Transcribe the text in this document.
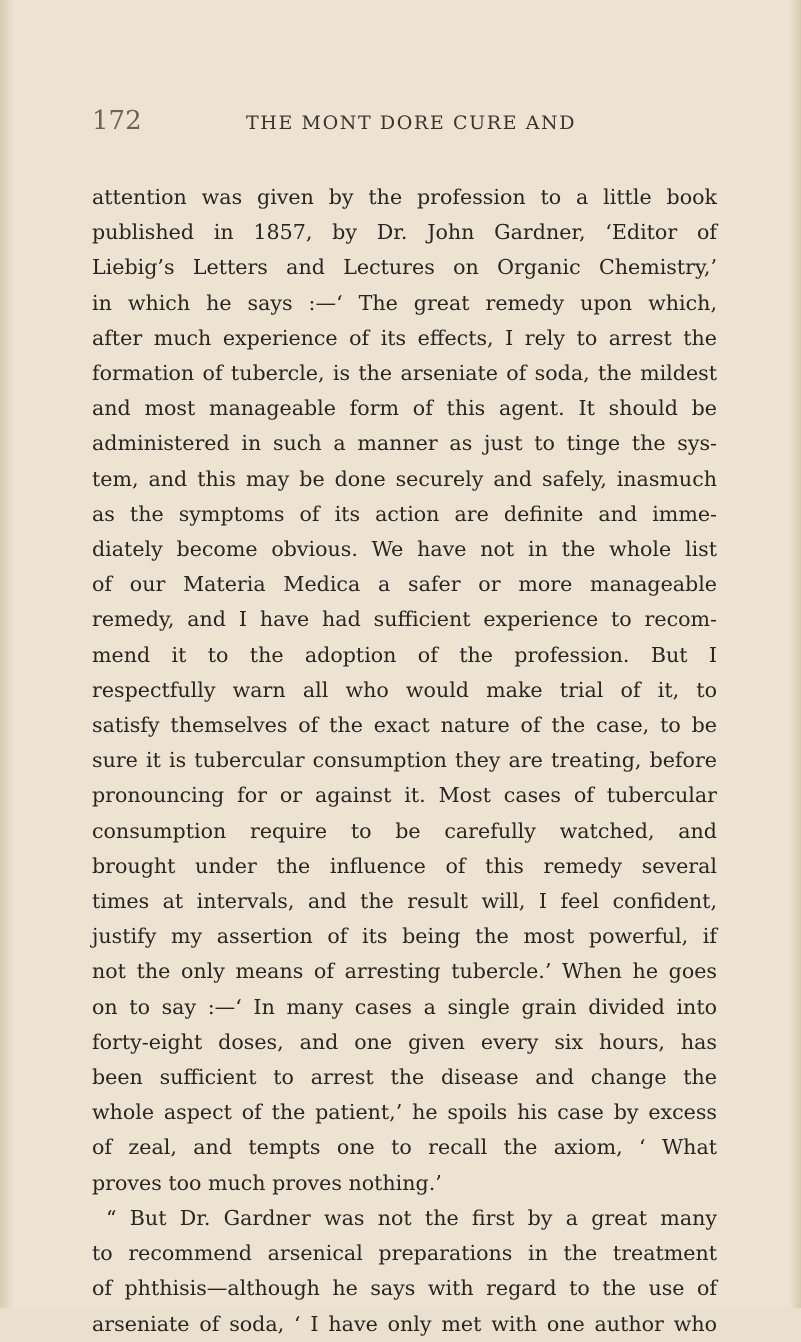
172	THE MONT DORE CURE AND
attention was given by the profession to a little book
published in 1857, by Dr. John Gardner, ‘Editor of
Liebig’s Letters and Lectures on Organic Chemistry,’
in which he says :—‘ The great remedy upon which,
after much experience of its effects, I rely to arrest the
formation of tubercle, is the arseniate of soda, the mildest
and most manageable form of this agent. It should be
administered in such a manner as just to tinge the sys-
tem, and this may be done securely and safely, inasmuch
as the symptoms of its action are definite and imme-
diately become obvious. We have not in the whole list
of our Materia Medica a safer or more manageable
remedy, and I have had sufficient experience to recom-
mend it to the adoption of the profession. But I
respectfully warn all who would make trial of it, to
satisfy themselves of the exact nature of the case, to be
sure it is tubercular consumption they are treating, before
pronouncing for or against it. Most cases of tubercular
consumption require to be carefully watched, and
brought under the influence of this remedy several
times at intervals, and the result will, I feel confident,
justify my assertion of its being the most powerful, if
not the only means of arresting tubercle.’ When he goes
on to say :—‘ In many cases a single grain divided into
forty-eight doses, and one given every six hours, has
been sufficient to arrest the disease and change the
whole aspect of the patient,’ he spoils his case by excess
of zeal, and tempts one to recall the axiom, ‘ What
proves too much proves nothing.’
“ But Dr. Gardner was not the first by a great many
to recommend arsenical preparations in the treatment
of phthisis—although he says with regard to the use of
arseniate of soda, ‘ I have only met with one author who
